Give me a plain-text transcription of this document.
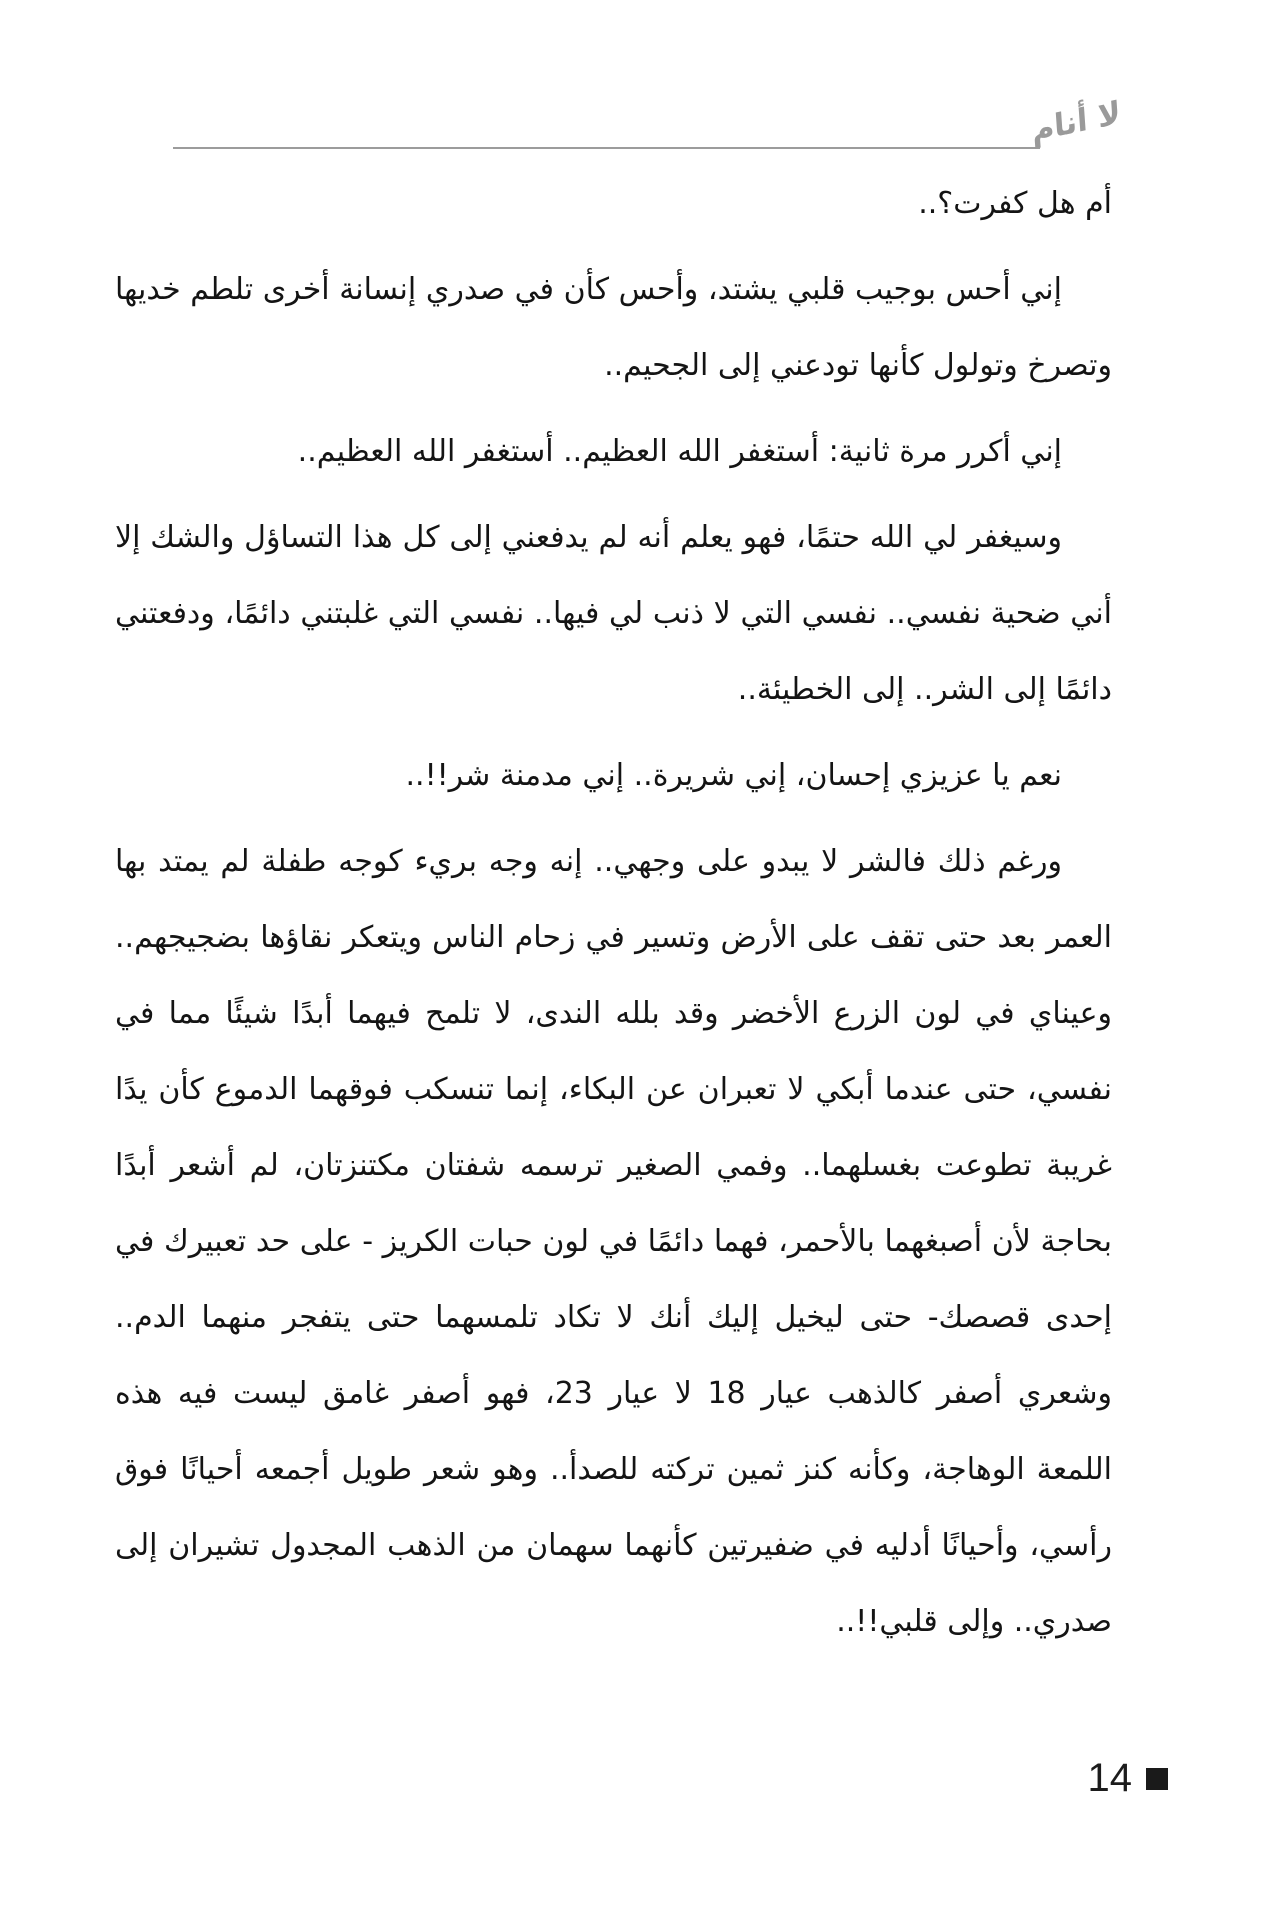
لا أنام

أم هل كفرت؟..

إني أحس بوجيب قلبي يشتد، وأحس كأن في صدري إنسانة أخرى تلطم خديها وتصرخ وتولول كأنها تودعني إلى الجحيم..

إني أكرر مرة ثانية: أستغفر الله العظيم.. أستغفر الله العظيم..

وسيغفر لي الله حتمًا، فهو يعلم أنه لم يدفعني إلى كل هذا التساؤل والشك إلا أني ضحية نفسي.. نفسي التي لا ذنب لي فيها.. نفسي التي غلبتني دائمًا، ودفعتني دائمًا إلى الشر.. إلى الخطيئة..

نعم يا عزيزي إحسان، إني شريرة.. إني مدمنة شر!!..

ورغم ذلك فالشر لا يبدو على وجهي.. إنه وجه بريء كوجه طفلة لم يمتد بها العمر بعد حتى تقف على الأرض وتسير في زحام الناس ويتعكر نقاؤها بضجيجهم.. وعيناي في لون الزرع الأخضر وقد بلله الندى، لا تلمح فيهما أبدًا شيئًا مما في نفسي، حتى عندما أبكي لا تعبران عن البكاء، إنما تنسكب فوقهما الدموع كأن يدًا غريبة تطوعت بغسلهما.. وفمي الصغير ترسمه شفتان مكتنزتان، لم أشعر أبدًا بحاجة لأن أصبغهما بالأحمر، فهما دائمًا في لون حبات الكريز - على حد تعبيرك في إحدى قصصك- حتى ليخيل إليك أنك لا تكاد تلمسهما حتى يتفجر منهما الدم.. وشعري أصفر كالذهب عيار 18 لا عيار 23، فهو أصفر غامق ليست فيه هذه اللمعة الوهاجة، وكأنه كنز ثمين تركته للصدأ.. وهو شعر طويل أجمعه أحيانًا فوق رأسي، وأحيانًا أدليه في ضفيرتين كأنهما سهمان من الذهب المجدول تشيران إلى صدري.. وإلى قلبي!!..

14
